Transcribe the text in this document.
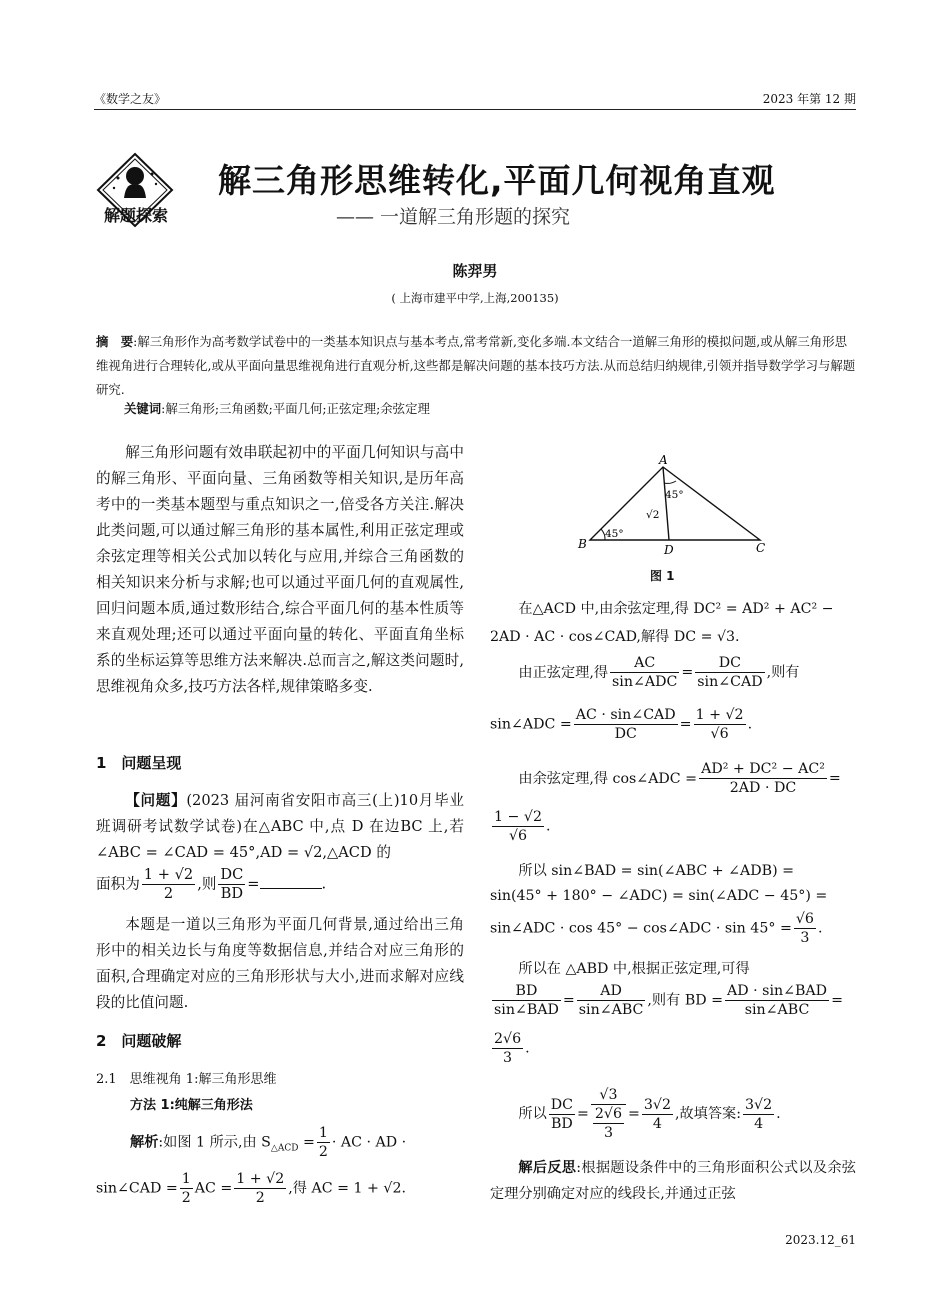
《数学之友》	2023 年第 12 期
解题探索
解三角形思维转化,平面几何视角直观
—— 一道解三角形题的探究
陈羿男
( 上海市建平中学,上海,200135)
摘　要:解三角形作为高考数学试卷中的一类基本知识点与基本考点,常考常新,变化多端.本文结合一道解三角形的模拟问题,或从解三角形思维视角进行合理转化,或从平面向量思维视角进行直观分析,这些都是解决问题的基本技巧方法.从而总结归纳规律,引领并指导数学学习与解题研究.
关键词:解三角形;三角函数;平面几何;正弦定理;余弦定理

解三角形问题有效串联起初中的平面几何知识与高中的解三角形、平面向量、三角函数等相关知识,是历年高考中的一类基本题型与重点知识之一,倍受各方关注.解决此类问题,可以通过解三角形的基本属性,利用正弦定理或余弦定理等相关公式加以转化与应用,并综合三角函数的相关知识来分析与求解;也可以通过平面几何的直观属性,回归问题本质,通过数形结合,综合平面几何的基本性质等来直观处理;还可以通过平面向量的转化、平面直角坐标系的坐标运算等思维方法来解决.总而言之,解这类问题时,思维视角众多,技巧方法各样,规律策略多变.

1　问题呈现
【问题】(2023 届河南省安阳市高三(上)10月毕业班调研考试数学试卷)在△ABC 中,点 D 在边BC 上,若 ∠ABC = ∠CAD = 45°,AD = √2,△ACD 的
面积为 $\frac{1 + √2}{2}$ ,则 $\frac{DC}{BD}$ =	.
本题是一道以三角形为平面几何背景,通过给出三角形中的相关边长与角度等数据信息,并结合对应三角形的面积,合理确定对应的三角形形状与大小,进而求解对应线段的比值问题.
2　问题破解
2.1　思维视角 1:解三角形思维
方法 1:纯解三角形法
解析:如图 1 所示,由 $S_{\triangle ACD} = \frac{1}{2}$ · AC · AD ·
sin∠CAD = $\frac{1}{2}$ AC = $\frac{1 + √2}{2}$ ,得 AC = 1 + √2.
A
B	C
D
45°
45°
√2
图 1
在△ACD 中,由余弦定理,得 DC² = AD² + AC² −
2AD · AC · cos∠CAD,解得 DC = √3.
由正弦定理,得 $\frac{AC}{\text{sin∠ADC}} = \frac{DC}{\text{sin∠CAD}}$ ,则有
sin∠ADC = $\frac{\text{AC · sin∠CAD}}{DC} = \frac{1 + √2}{√6}$ .
由余弦定理,得 cos∠ADC = $\frac{\text{AD² + DC² − AC²}}{2AD \cdot DC}$ =
$\frac{1 - √2}{√6}$ .
所以 sin∠BAD = sin(∠ABC + ∠ADB) =
sin(45° + 180° − ∠ADC) = sin(∠ADC − 45°) =
sin∠ADC · cos 45° − cos∠ADC · $\sin 45^\circ = \frac{√6}{3}$ .
所以在 △ABD 中,根据正弦定理,可得
$\frac{BD}{\text{sin∠BAD}} = \frac{AD}{\text{sin∠ABC}}$ ,则有 BD = $\frac{\text{AD · sin∠BAD}}{\text{sin∠ABC}}$ =
$\frac{2√6}{3}$ .
所以 $\frac{DC}{BD} = √3$
2√6
$3 = \frac{3√2}{4}$ ,故填答案: $\frac{3√2}{4}$ .
解后反思:根据题设条件中的三角形面积公式以及余弦定理分别确定对应的线段长,并通过正弦
2023.12_61
